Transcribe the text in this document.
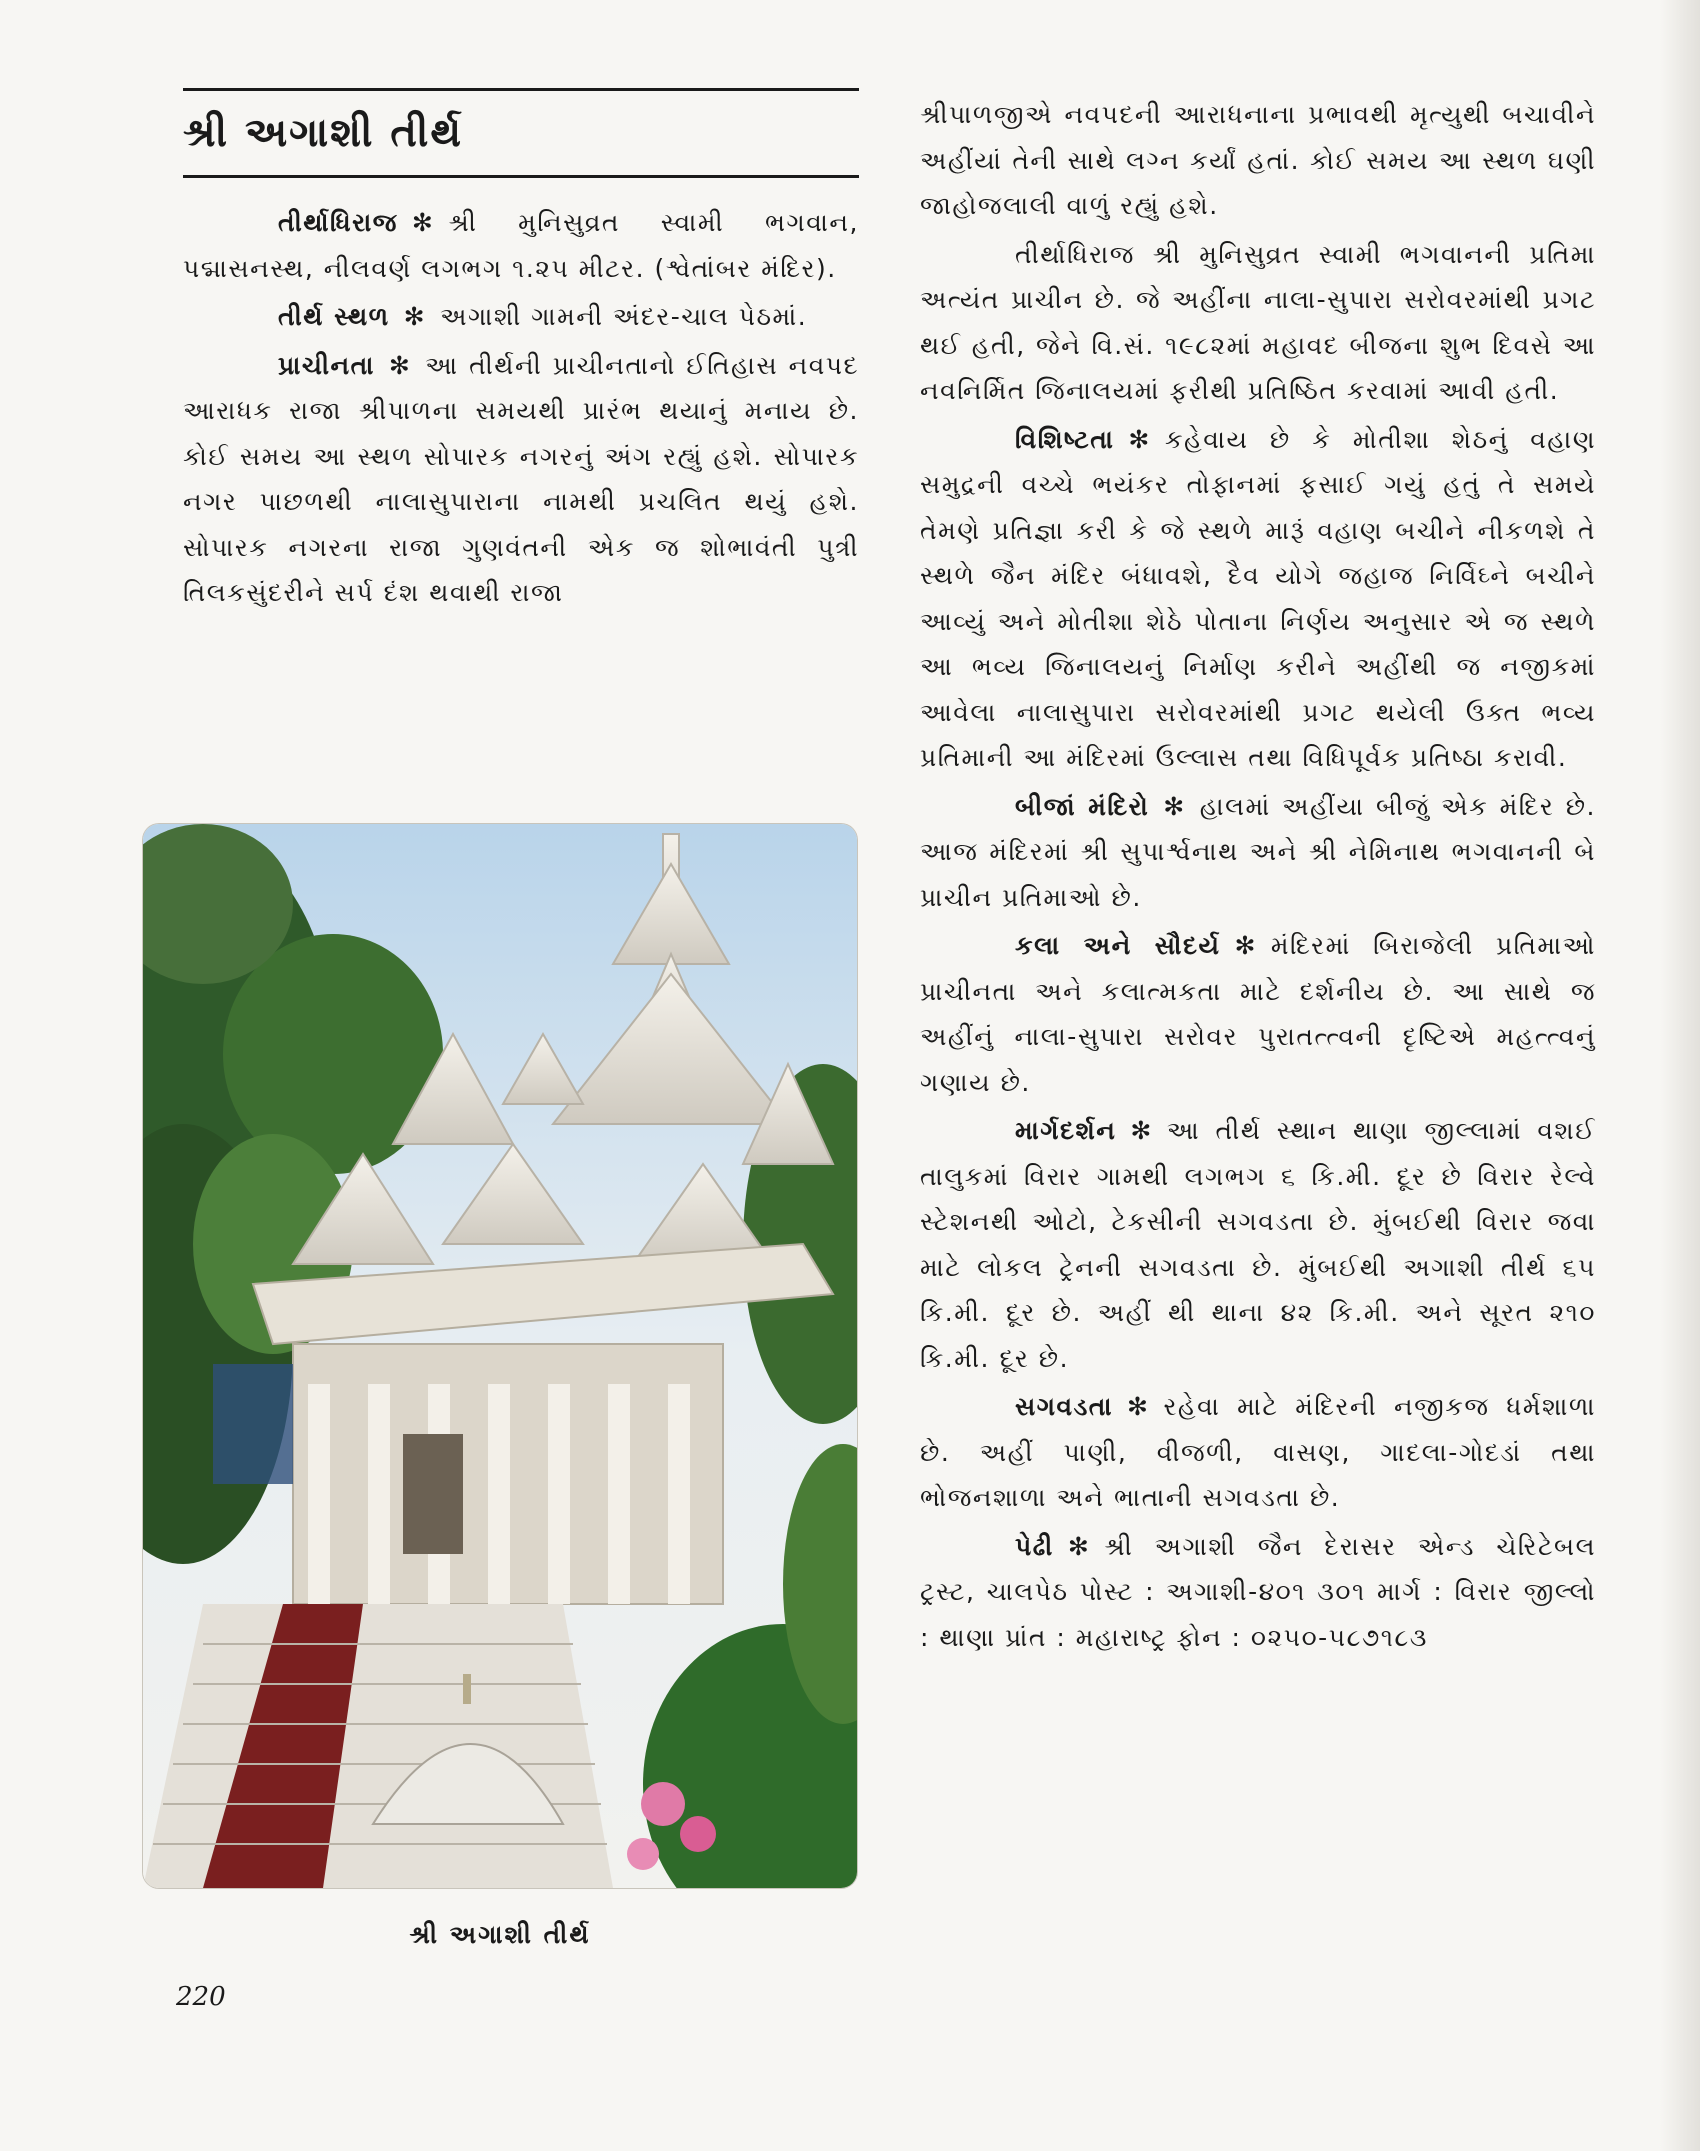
શ્રી અગાશી તીર્થ

તીર્થાધિરાજ ✻ શ્રી મુનિસુવ્રત સ્વામી ભગવાન, પદ્માસનસ્થ, નીલવર્ણ લગભગ ૧.૨૫ મીટર. (શ્વેતાંબર મંદિર).

તીર્થ સ્થળ ✻ અગાશી ગામની અંદર-ચાલ પેઠમાં.

પ્રાચીનતા ✻ આ તીર્થની પ્રાચીનતાનો ઈતિહાસ નવપદ આરાધક રાજા શ્રીપાળના સમયથી પ્રારંભ થયાનું મનાય છે. કોઈ સમય આ સ્થળ સોપારક નગરનું અંગ રહ્યું હશે. સોપારક નગર પાછળથી નાલાસુપારાના નામથી પ્રચલિત થયું હશે. સોપારક નગરના રાજા ગુણવંતની એક જ શોભાવંતી પુત્રી તિલકસુંદરીને સર્પ દંશ થવાથી રાજા

શ્રી અગાશી તીર્થ

શ્રીપાળજીએ નવપદની આરાધનાના પ્રભાવથી મૃત્યુથી બચાવીને અહીંયાં તેની સાથે લગ્ન કર્યાં હતાં. કોઈ સમય આ સ્થળ ઘણી જાહોજલાલી વાળું રહ્યું હશે.

તીર્થાધિરાજ શ્રી મુનિસુવ્રત સ્વામી ભગવાનની પ્રતિમા અત્યંત પ્રાચીન છે. જે અહીંના નાલા-સુપારા સરોવરમાંથી પ્રગટ થઈ હતી, જેને વિ.સં. ૧૯૮૨માં મહાવદ બીજના શુભ દિવસે આ નવનિર્મિત જિનાલયમાં ફરીથી પ્રતિષ્ઠિત કરવામાં આવી હતી.

વિશિષ્ટતા ✻ કહેવાય છે કે મોતીશા શેઠનું વહાણ સમુદ્રની વચ્ચે ભયંકર તોફાનમાં ફસાઈ ગયું હતું તે સમયે તેમણે પ્રતિજ્ઞા કરી કે જે સ્થળે મારૂં વહાણ બચીને નીકળશે તે સ્થળે જૈન મંદિર બંધાવશે, દૈવ યોગે જહાજ નિર્વિઘ્ને બચીને આવ્યું અને મોતીશા શેઠે પોતાના નિર્ણય અનુસાર એ જ સ્થળે આ ભવ્ય જિનાલયનું નિર્માણ કરીને અહીંથી જ નજીકમાં આવેલા નાલાસુપારા સરોવરમાંથી પ્રગટ થયેલી ઉક્ત ભવ્ય પ્રતિમાની આ મંદિરમાં ઉલ્લાસ તથા વિધિપૂર્વક પ્રતિષ્ઠા કરાવી.

બીજાં મંદિરો ✻ હાલમાં અહીંયા બીજું એક મંદિર છે. આજ મંદિરમાં શ્રી સુપાર્શ્વનાથ અને શ્રી નેમિનાથ ભગવાનની બે પ્રાચીન પ્રતિમાઓ છે.

કલા અને સૌદર્ય ✻ મંદિરમાં બિરાજેલી પ્રતિમાઓ પ્રાચીનતા અને કલાત્મકતા માટે દર્શનીય છે. આ સાથે જ અહીંનું નાલા-સુપારા સરોવર પુરાતત્ત્વની દૃષ્ટિએ મહત્ત્વનું ગણાય છે.

માર્ગદર્શન ✻ આ તીર્થ સ્થાન થાણા જીલ્લામાં વશઈ તાલુકમાં વિરાર ગામથી લગભગ ૬ કિ.મી. દૂર છે વિરાર રેલ્વે સ્ટેશનથી ઓટો, ટેકસીની સગવડતા છે. મુંબઈથી વિરાર જવા માટે લોકલ ટ્રેનની સગવડતા છે. મુંબઈથી અગાશી તીર્થ ૬૫ કિ.મી. દૂર છે. અહીં થી થાના ૪૨ કિ.મી. અને સૂરત ૨૧૦ કિ.મી. દૂર છે.

સગવડતા ✻ રહેવા માટે મંદિરની નજીકજ ધર્મશાળા છે. અહીં પાણી, વીજળી, વાસણ, ગાદલા-ગોદડાં તથા ભોજનશાળા અને ભાતાની સગવડતા છે.

પેઢી ✻ શ્રી અગાશી જૈન દેરાસર એન્ડ ચેરિટેબલ ટ્રસ્ટ, ચાલપેઠ પોસ્ટ : અગાશી-૪૦૧ ૩૦૧ માર્ગ : વિરાર જીલ્લો : થાણા પ્રાંત : મહારાષ્ટ્ર ફોન : ૦૨૫૦-૫૮૭૧૮૩

220
